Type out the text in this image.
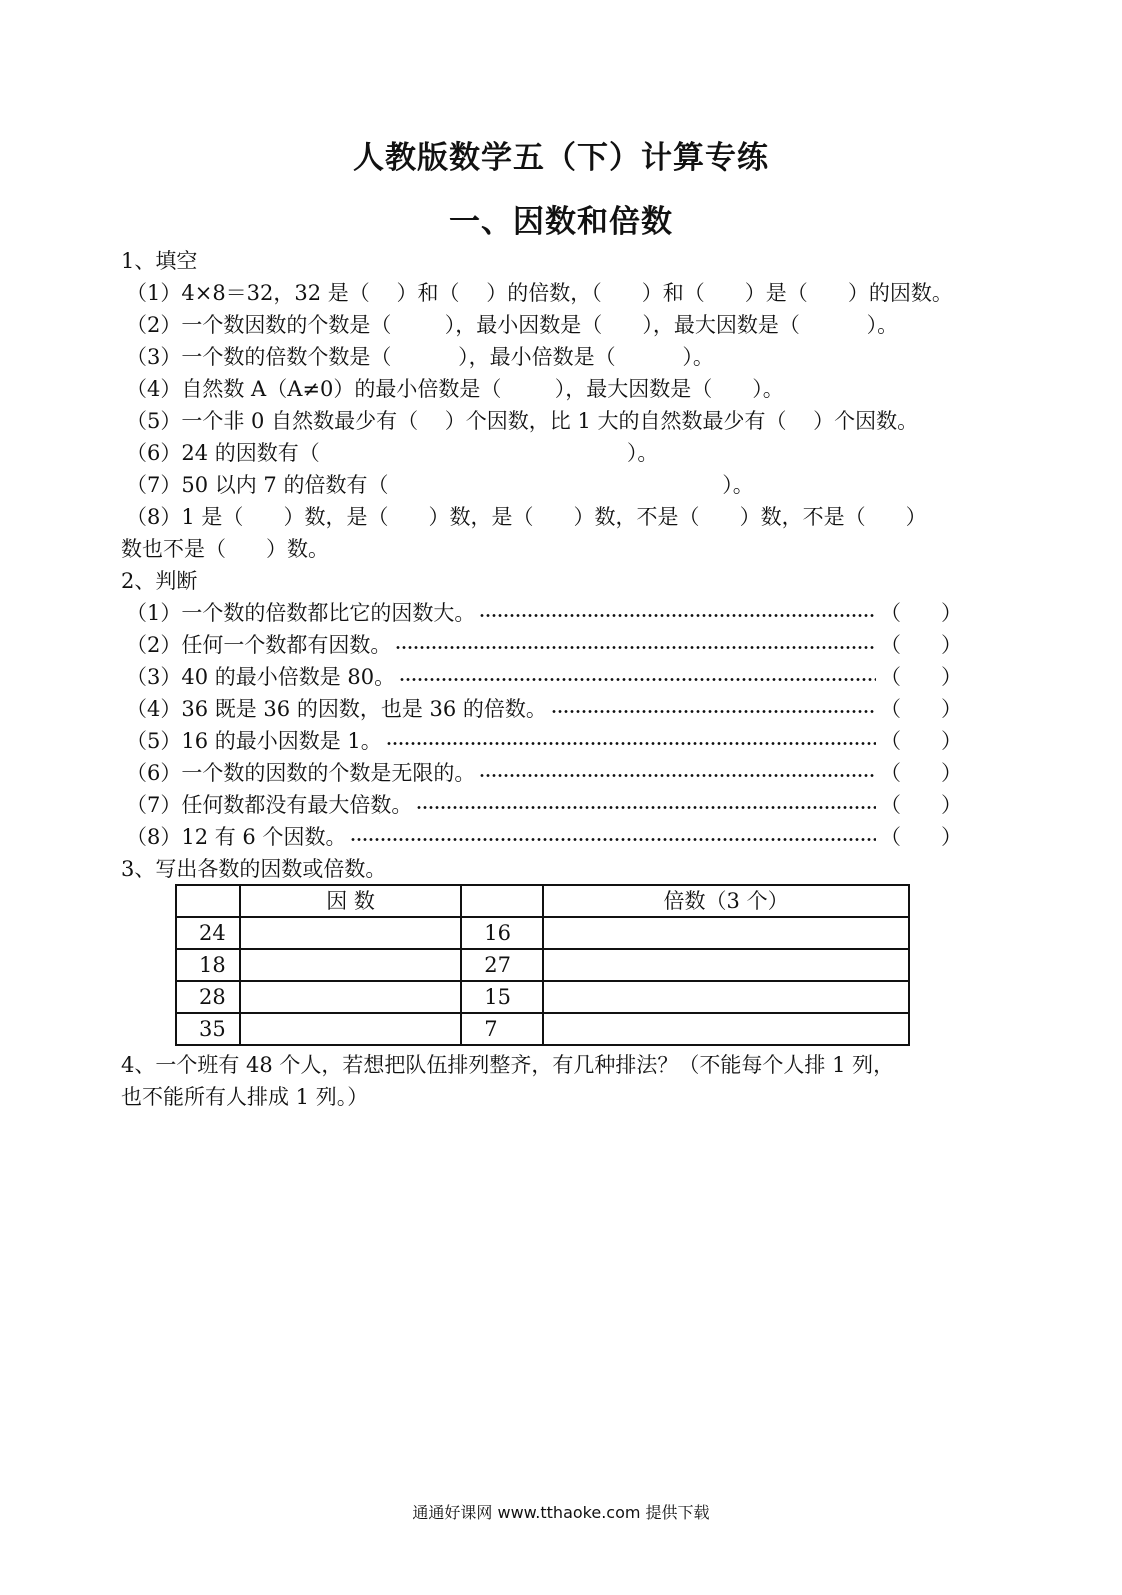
人教版数学五（下）计算专练
一、因数和倍数
1、填空
（1）4×8＝32，32 是（    ）和（    ）的倍数，（      ）和（      ）是（      ）的因数。
（2）一个数因数的个数是（        ），最小因数是（      ），最大因数是（          ）。
（3）一个数的倍数个数是（          ），最小倍数是（          ）。
（4）自然数 A（A≠0）的最小倍数是（        ），最大因数是（      ）。
（5）一个非 0 自然数最少有（    ）个因数，比 1 大的自然数最少有（    ）个因数。
（6）24 的因数有（                                              ）。
（7）50 以内 7 的倍数有（                                                  ）。
（8）1 是（      ）数，是（      ）数，是（      ）数，不是（      ）数，不是（      ）
数也不是（      ）数。
2、判断
（1）一个数的倍数都比它的因数大。	（      ）
（2）任何一个数都有因数。	（      ）
（3）40 的最小倍数是 80。	（      ）
（4）36 既是 36 的因数，也是 36 的倍数。	（      ）
（5）16 的最小因数是 1。	（      ）
（6）一个数的因数的个数是无限的。	（      ）
（7）任何数都没有最大倍数。	（      ）
（8）12 有 6 个因数。	（      ）
3、写出各数的因数或倍数。
	因 数		倍数（3 个）
24		16	
18		27	
28		15	
35		7	
4、一个班有 48 个人，若想把队伍排列整齐，有几种排法？（不能每个人排 1 列，
也不能所有人排成 1 列。）
通通好课网 www.tthaoke.com 提供下载
